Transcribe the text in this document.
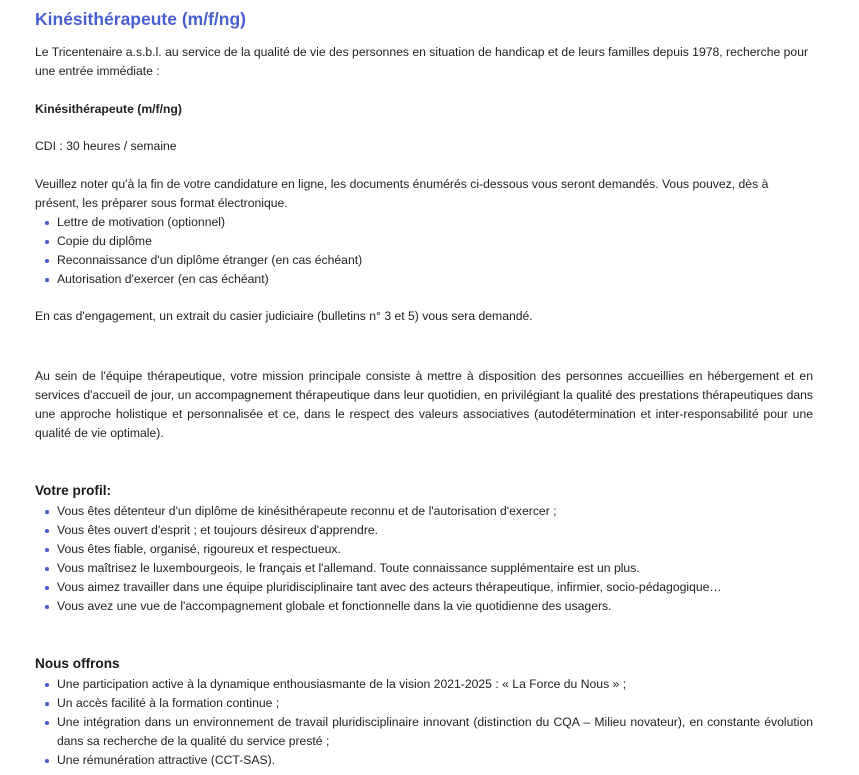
Kinésithérapeute (m/f/ng)

Le Tricentenaire a.s.b.l. au service de la qualité de vie des personnes en situation de handicap et de leurs familles depuis 1978, recherche pour une entrée immédiate :

Kinésithérapeute (m/f/ng)

CDI : 30 heures / semaine

Veuillez noter qu'à la fin de votre candidature en ligne, les documents énumérés ci-dessous vous seront demandés. Vous pouvez, dès à présent, les préparer sous format électronique.

Lettre de motivation (optionnel)
Copie du diplôme
Reconnaissance d'un diplôme étranger (en cas échéant)
Autorisation d'exercer (en cas échéant)

En cas d'engagement, un extrait du casier judiciaire (bulletins n° 3 et 5) vous sera demandé.

Au sein de l'équipe thérapeutique, votre mission principale consiste à mettre à disposition des personnes accueillies en hébergement et en services d'accueil de jour, un accompagnement thérapeutique dans leur quotidien, en privilégiant la qualité des prestations thérapeutiques dans une approche holistique et personnalisée et ce, dans le respect des valeurs associatives (autodétermination et inter-responsabilité pour une qualité de vie optimale).

Votre profil:

Vous êtes détenteur d'un diplôme de kinésithérapeute reconnu et de l'autorisation d'exercer ;
Vous êtes ouvert d'esprit ; et toujours désireux d'apprendre.
Vous êtes fiable, organisé, rigoureux et respectueux.
Vous maîtrisez le luxembourgeois, le français et l'allemand. Toute connaissance supplémentaire est un plus.
Vous aimez travailler dans une équipe pluridisciplinaire tant avec des acteurs thérapeutique, infirmier, socio-pédagogique…
Vous avez une vue de l'accompagnement globale et fonctionnelle dans la vie quotidienne des usagers.

Nous offrons

Une participation active à la dynamique enthousiasmante de la vision 2021-2025 : « La Force du Nous » ;
Un accès facilité à la formation continue ;
Une intégration dans un environnement de travail pluridisciplinaire innovant (distinction du CQA – Milieu novateur), en constante évolution dans sa recherche de la qualité du service presté ;
Une rémunération attractive (CCT-SAS).
